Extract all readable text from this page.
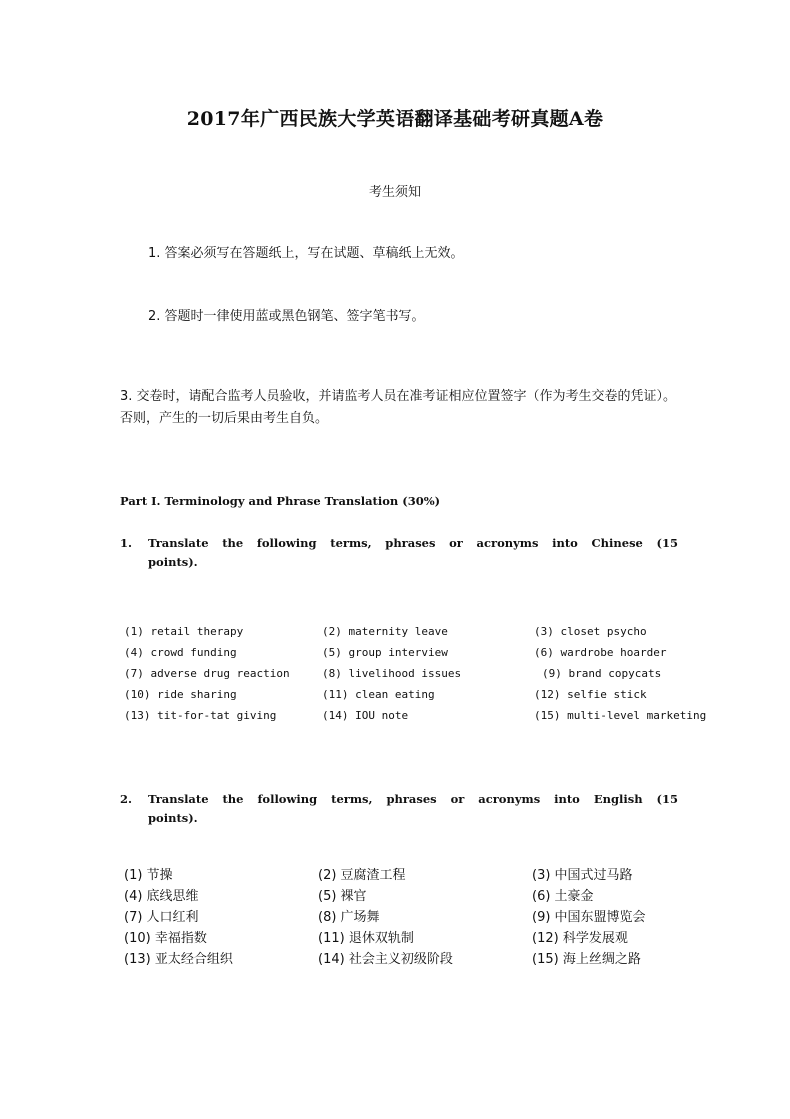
2017年广西民族大学英语翻译基础考研真题A卷
考生须知
1. 答案必须写在答题纸上，写在试题、草稿纸上无效。
2. 答题时一律使用蓝或黑色钢笔、签字笔书写。
3. 交卷时，请配合监考人员验收，并请监考人员在准考证相应位置签字（作为考生交卷的凭证）。否则，产生的一切后果由考生自负。
Part I. Terminology and Phrase Translation (30%)
1. Translate the following terms, phrases or acronyms into Chinese (15 points).
(1) retail therapy	(2) maternity leave	(3) closet psycho
(4) crowd funding	(5) group interview	(6) wardrobe hoarder
(7) adverse drug reaction	(8) livelihood issues	(9) brand copycats
(10) ride sharing	(11) clean eating	(12) selfie stick
(13) tit-for-tat giving	(14) IOU note	(15) multi-level marketing
2. Translate the following terms, phrases or acronyms into English (15 points).
(1) 节操	(2) 豆腐渣工程	(3) 中国式过马路
(4) 底线思维	(5) 裸官	(6) 土豪金
(7) 人口红利	(8) 广场舞	(9) 中国东盟博览会
(10) 幸福指数	(11) 退休双轨制	(12) 科学发展观
(13) 亚太经合组织	(14) 社会主义初级阶段	(15) 海上丝绸之路
